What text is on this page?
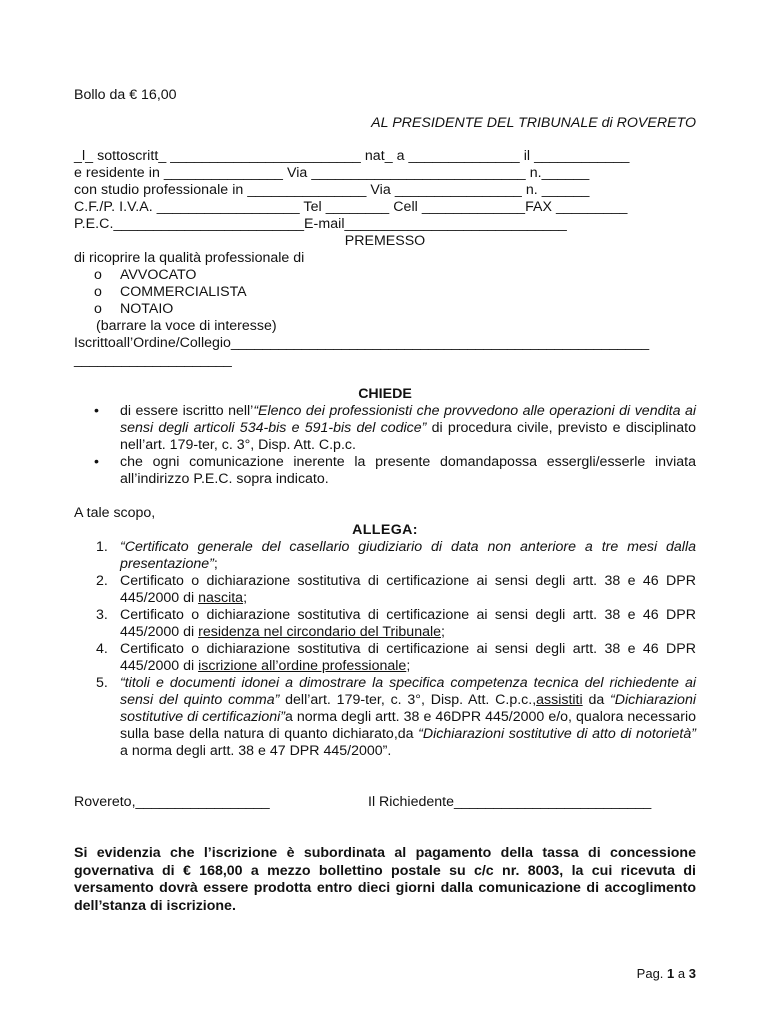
Bollo da € 16,00

AL PRESIDENTE DEL TRIBUNALE di ROVERETO

_l_ sottoscritt_ ________________________ nat_ a ______________ il ____________
e residente in _______________ Via ___________________________ n.______
con studio professionale in _______________ Via ________________ n. ______
C.F./P. I.V.A. __________________ Tel ________ Cell _____________FAX _________
P.E.C.________________________E-mail____________________________

PREMESSO

di ricoprire la qualità professionale di

o AVVOCATO
o COMMERCIALISTA
o NOTAIO

(barrare la voce di interesse)

Iscrittoall’Ordine/Collegio_____________________________________________________

____________________

CHIEDE

• di essere iscritto nell’“Elenco dei professionisti che provvedono alle operazioni di vendita ai sensi degli articoli 534-bis e 591-bis del codice” di procedura civile, previsto e disciplinato nell’art. 179-ter, c. 3°, Disp. Att. C.p.c.
• che ogni comunicazione inerente la presente domandapossa essergli/esserle inviata all’indirizzo P.E.C. sopra indicato.

A tale scopo,

ALLEGA:

1. “Certificato generale del casellario giudiziario di data non anteriore a tre mesi dalla presentazione”;
2. Certificato o dichiarazione sostitutiva di certificazione ai sensi degli artt. 38 e 46 DPR 445/2000 di nascita;
3. Certificato o dichiarazione sostitutiva di certificazione ai sensi degli artt. 38 e 46 DPR 445/2000 di residenza nel circondario del Tribunale;
4. Certificato o dichiarazione sostitutiva di certificazione ai sensi degli artt. 38 e 46 DPR 445/2000 di iscrizione all’ordine professionale;
5. “titoli e documenti idonei a dimostrare la specifica competenza tecnica del richiedente ai sensi del quinto comma” dell’art. 179-ter, c. 3°, Disp. Att. C.p.c.,assistiti da “Dichiarazioni sostitutive di certificazioni”a norma degli artt. 38 e 46DPR 445/2000 e/o, qualora necessario sulla base della natura di quanto dichiarato,da “Dichiarazioni sostitutive di atto di notorietà” a norma degli artt. 38 e 47 DPR 445/2000”.
Rovereto,_________________	Il Richiedente_________________________

Si evidenzia che l’iscrizione è subordinata al pagamento della tassa di concessione governativa di € 168,00 a mezzo bollettino postale su c/c nr. 8003, la cui ricevuta di versamento dovrà essere prodotta entro dieci giorni dalla comunicazione di accoglimento dell’stanza di iscrizione.

Pag. 1 a 3
